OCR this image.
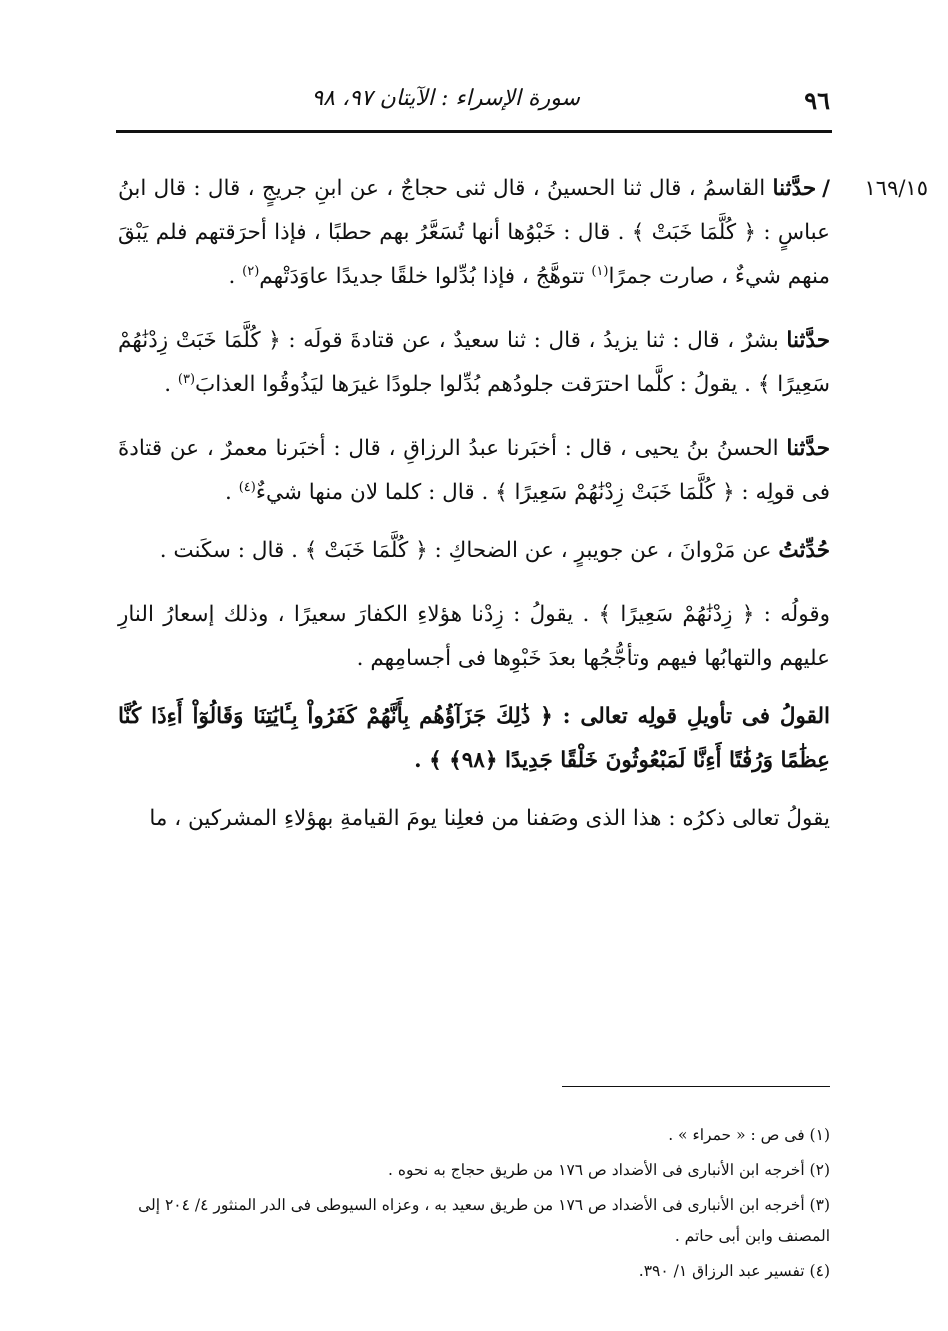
٩٦
سورة الإسراء : الآيتان ٩٧، ٩٨
١٦٩/١٥

/حدَّثنا القاسمُ ، قال ثنا الحسينُ ، قال ثنى حجاجٌ ، عن ابنِ جريجٍ ، قال : قال ابنُ عباسٍ : ﴿ كُلَّمَا خَبَتْ ﴾ . قال : خَبْوُها أنها تُسَعَّرُ بهم حطبًا ، فإذا أحرَقتهم فلم يَبْقَ منهم شيءٌ ، صارت جمرًا$^{(١)}$ تتوهَّجُ ، فإذا بُدِّلوا خلقًا جديدًا عاوَدَتْهم$^{(٢)}$ .

حدَّثنا بشرٌ ، قال : ثنا يزيدُ ، قال : ثنا سعيدٌ ، عن قتادةَ قولَه : ﴿ كُلَّمَا خَبَتْ زِدْنَٰهُمْ سَعِيرًا ﴾ . يقولُ : كلَّما احترَقت جلودُهم بُدِّلوا جلودًا غيرَها ليَذُوقُوا العذابَ$^{(٣)}$ .

حدَّثنا الحسنُ بنُ يحيى ، قال : أخبَرنا عبدُ الرزاقِ ، قال : أخبَرنا معمرٌ ، عن قتادةَ فى قولِه : ﴿ كُلَّمَا خَبَتْ زِدْنَٰهُمْ سَعِيرًا ﴾ . قال : كلما لان منها شيءٌ$^{(٤)}$ .

حُدِّثتُ عن مَرْوانَ ، عن جويبرٍ ، عن الضحاكِ : ﴿ كُلَّمَا خَبَتْ ﴾ . قال : سكَنت .

وقولُه : ﴿ زِدْنَٰهُمْ سَعِيرًا ﴾ . يقولُ : زِدْنا هؤلاءِ الكفارَ سعيرًا ، وذلك إسعارُ النارِ عليهم والتهابُها فيهم وتأجُّجُها بعدَ خَبْوِها فى أجسامِهم .

القولُ فى تأويلِ قولِه تعالى : ﴿ ذَٰلِكَ جَزَآؤُهُم بِأَنَّهُمْ كَفَرُواْ بِـَٔايَٰتِنَا وَقَالُوٓاْ أَءِذَا كُنَّا عِظَٰمًا وَرُفَٰتًا أَءِنَّا لَمَبْعُوثُونَ خَلْقًا جَدِيدًا ﴿٩٨﴾ ﴾ .

يقولُ تعالى ذكرُه : هذا الذى وصَفنا من فعلِنا يومَ القيامةِ بهؤلاءِ المشركين ، ما

(١) فى ص : « حمراء » .
(٢) أخرجه ابن الأنبارى فى الأضداد ص ١٧٦ من طريق حجاج به نحوه .
(٣) أخرجه ابن الأنبارى فى الأضداد ص ١٧٦ من طريق سعيد به ، وعزاه السيوطى فى الدر المنثور ٤/ ٢٠٤ إلى المصنف وابن أبى حاتم .
(٤) تفسير عبد الرزاق ١/ ٣٩٠.
